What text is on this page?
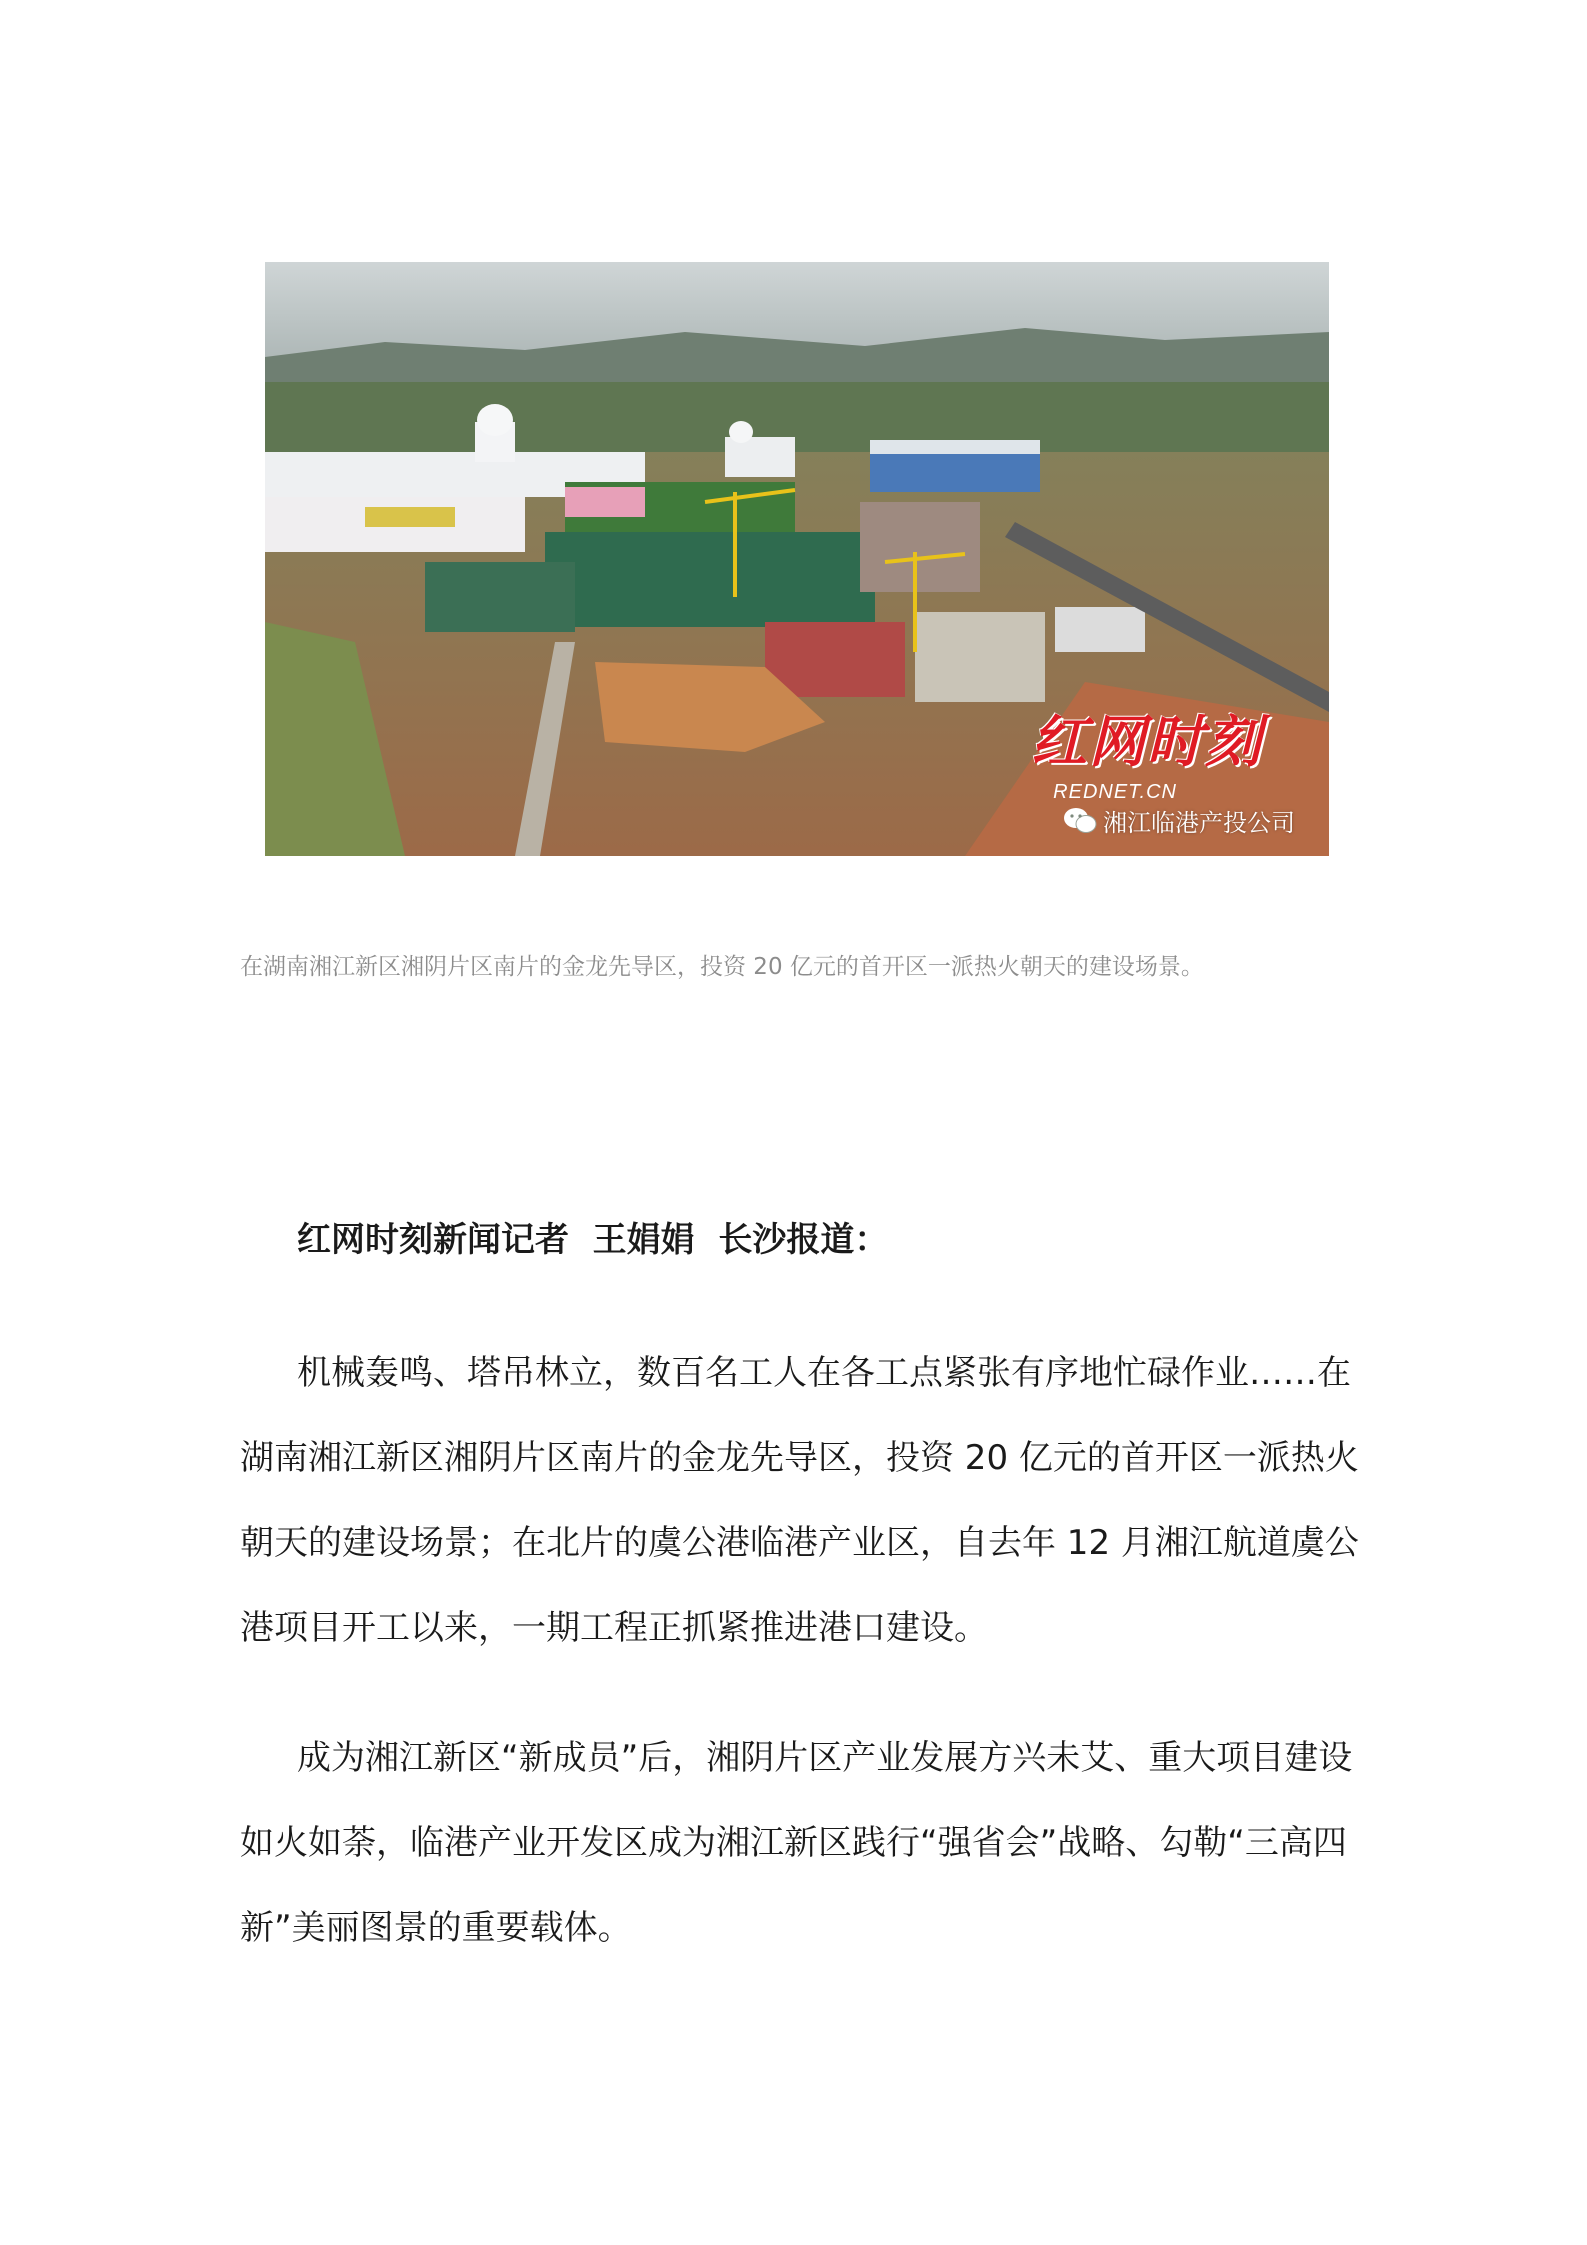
红网时刻
REDNET.CN
湘江临港产投公司
在湖南湘江新区湘阴片区南片的金龙先导区，投资 20 亿元的首开区一派热火朝天的建设场景。
红网时刻新闻记者  王娟娟  长沙报道：

机械轰鸣、塔吊林立，数百名工人在各工点紧张有序地忙碌作业……在湖南湘江新区湘阴片区南片的金龙先导区，投资 20 亿元的首开区一派热火朝天的建设场景；在北片的虞公港临港产业区，自去年 12 月湘江航道虞公港项目开工以来，一期工程正抓紧推进港口建设。

成为湘江新区“新成员”后，湘阴片区产业发展方兴未艾、重大项目建设如火如荼，临港产业开发区成为湘江新区践行“强省会”战略、勾勒“三高四新”美丽图景的重要载体。
